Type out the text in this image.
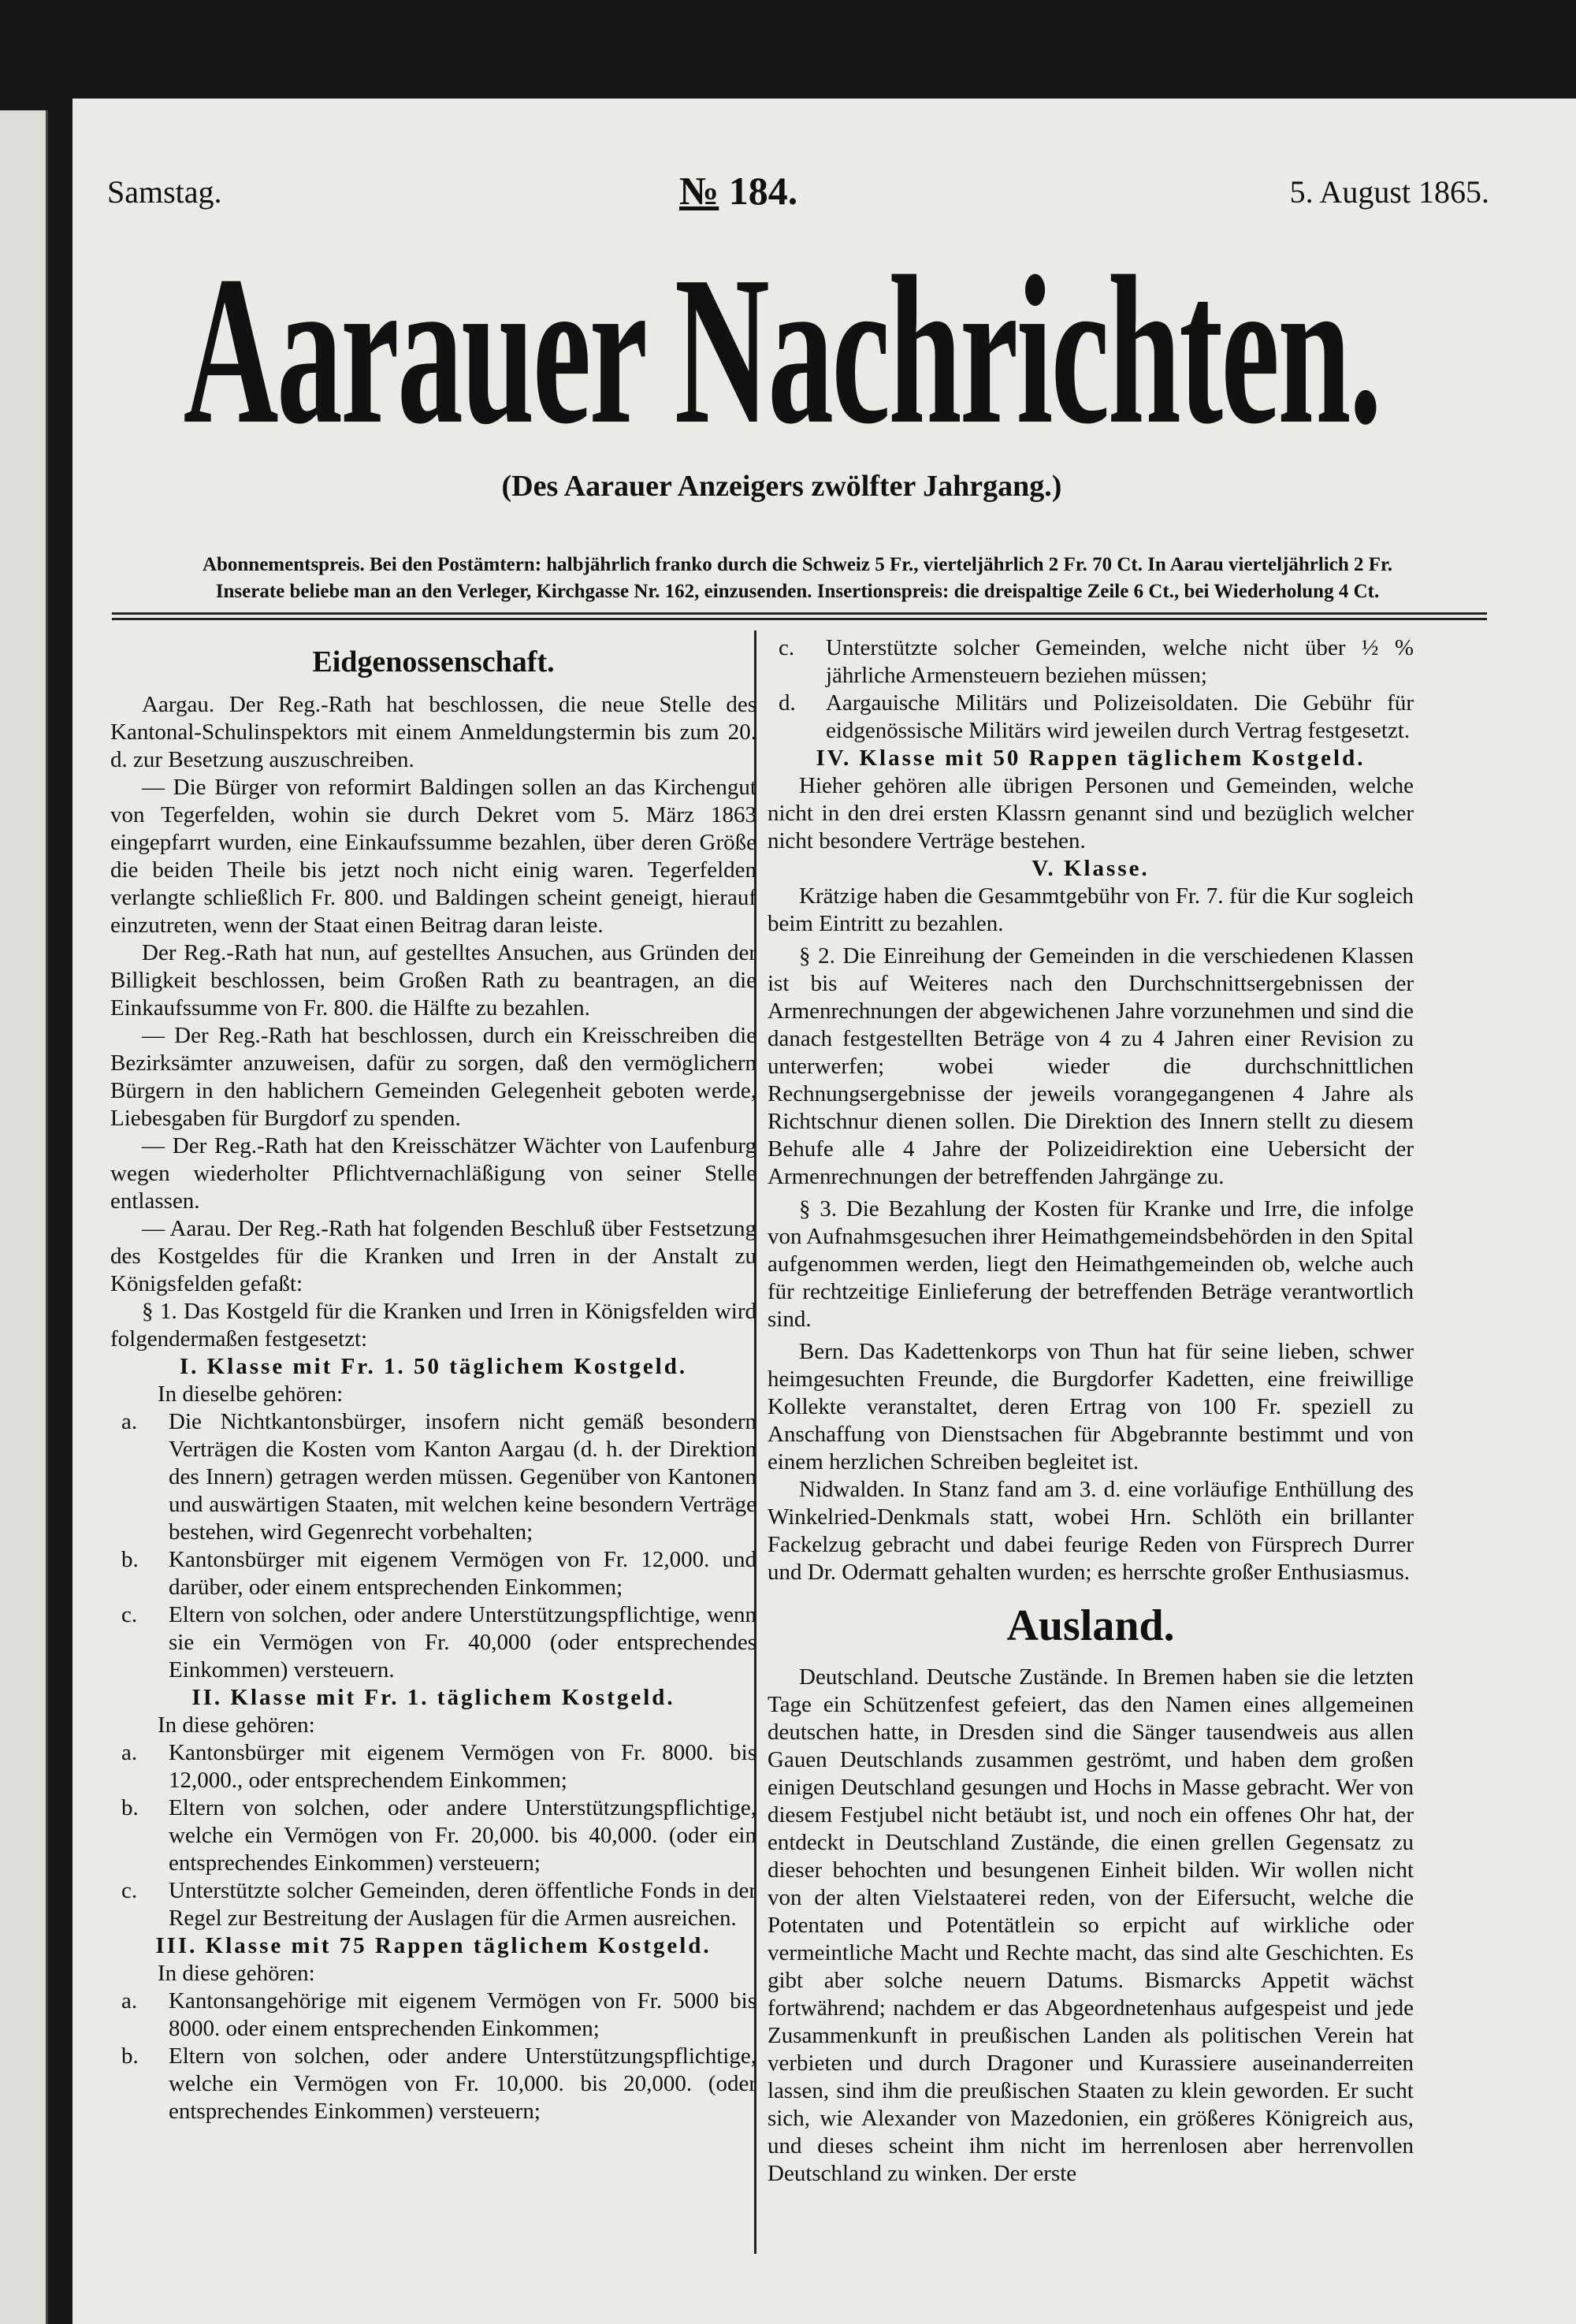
Samstag.	№ 184.	5. August 1865.
Aarauer Nachrichten.
(Des Aarauer Anzeigers zwölfter Jahrgang.)
Abonnementspreis. Bei den Postämtern: halbjährlich franko durch die Schweiz 5 Fr., vierteljährlich 2 Fr. 70 Ct. In Aarau vierteljährlich 2 Fr.
Inserate beliebe man an den Verleger, Kirchgasse Nr. 162, einzusenden. Insertionspreis: die dreispaltige Zeile 6 Ct., bei Wiederholung 4 Ct.
Eidgenossenschaft.

Aargau. Der Reg.-Rath hat beschlossen, die neue Stelle des Kantonal-Schulinspektors mit einem Anmeldungstermin bis zum 20. d. zur Besetzung auszuschreiben.

— Die Bürger von reformirt Baldingen sollen an das Kirchengut von Tegerfelden, wohin sie durch Dekret vom 5. März 1863 eingepfarrt wurden, eine Einkaufssumme bezahlen, über deren Größe die beiden Theile bis jetzt noch nicht einig waren. Tegerfelden verlangte schließlich Fr. 800. und Baldingen scheint geneigt, hierauf einzutreten, wenn der Staat einen Beitrag daran leiste.

Der Reg.-Rath hat nun, auf gestelltes Ansuchen, aus Gründen der Billigkeit beschlossen, beim Großen Rath zu beantragen, an die Einkaufssumme von Fr. 800. die Hälfte zu bezahlen.

— Der Reg.-Rath hat beschlossen, durch ein Kreisschreiben die Bezirksämter anzuweisen, dafür zu sorgen, daß den vermöglichern Bürgern in den hablichern Gemeinden Gelegenheit geboten werde, Liebesgaben für Burgdorf zu spenden.

— Der Reg.-Rath hat den Kreisschätzer Wächter von Laufenburg wegen wiederholter Pflichtvernachläßigung von seiner Stelle entlassen.

— Aarau. Der Reg.-Rath hat folgenden Beschluß über Festsetzung des Kostgeldes für die Kranken und Irren in der Anstalt zu Königsfelden gefaßt:

§ 1. Das Kostgeld für die Kranken und Irren in Königsfelden wird folgendermaßen festgesetzt:

I. Klasse mit Fr. 1. 50 täglichem Kostgeld.

In dieselbe gehören:

a.	Die Nichtkantonsbürger, insofern nicht gemäß besondern Verträgen die Kosten vom Kanton Aargau (d. h. der Direktion des Innern) getragen werden müssen. Gegenüber von Kantonen und auswärtigen Staaten, mit welchen keine besondern Verträge bestehen, wird Gegenrecht vorbehalten;
b.	Kantonsbürger mit eigenem Vermögen von Fr. 12,000. und darüber, oder einem entsprechenden Einkommen;
c.	Eltern von solchen, oder andere Unterstützungspflichtige, wenn sie ein Vermögen von Fr. 40,000 (oder entsprechendes Einkommen) versteuern.

II. Klasse mit Fr. 1. täglichem Kostgeld.

In diese gehören:

a.	Kantonsbürger mit eigenem Vermögen von Fr. 8000. bis 12,000., oder entsprechendem Einkommen;
b.	Eltern von solchen, oder andere Unterstützungspflichtige, welche ein Vermögen von Fr. 20,000. bis 40,000. (oder ein entsprechendes Einkommen) versteuern;
c.	Unterstützte solcher Gemeinden, deren öffentliche Fonds in der Regel zur Bestreitung der Auslagen für die Armen ausreichen.

III. Klasse mit 75 Rappen täglichem Kostgeld.

In diese gehören:

a.	Kantonsangehörige mit eigenem Vermögen von Fr. 5000 bis 8000. oder einem entsprechenden Einkommen;
b.	Eltern von solchen, oder andere Unterstützungspflichtige, welche ein Vermögen von Fr. 10,000. bis 20,000. (oder entsprechendes Einkommen) versteuern;
c.	Unterstützte solcher Gemeinden, welche nicht über ½ % jährliche Armensteuern beziehen müssen;
d.	Aargauische Militärs und Polizeisoldaten. Die Gebühr für eidgenössische Militärs wird jeweilen durch Vertrag festgesetzt.

IV. Klasse mit 50 Rappen täglichem Kostgeld.

Hieher gehören alle übrigen Personen und Gemeinden, welche nicht in den drei ersten Klassrn genannt sind und bezüglich welcher nicht besondere Verträge bestehen.

V. Klasse.

Krätzige haben die Gesammtgebühr von Fr. 7. für die Kur sogleich beim Eintritt zu bezahlen.

§ 2. Die Einreihung der Gemeinden in die verschiedenen Klassen ist bis auf Weiteres nach den Durchschnittsergebnissen der Armenrechnungen der abgewichenen Jahre vorzunehmen und sind die danach festgestellten Beträge von 4 zu 4 Jahren einer Revision zu unterwerfen; wobei wieder die durchschnittlichen Rechnungsergebnisse der jeweils vorangegangenen 4 Jahre als Richtschnur dienen sollen. Die Direktion des Innern stellt zu diesem Behufe alle 4 Jahre der Polizeidirektion eine Uebersicht der Armenrechnungen der betreffenden Jahrgänge zu.

§ 3. Die Bezahlung der Kosten für Kranke und Irre, die infolge von Aufnahmsgesuchen ihrer Heimathgemeindsbehörden in den Spital aufgenommen werden, liegt den Heimathgemeinden ob, welche auch für rechtzeitige Einlieferung der betreffenden Beträge verantwortlich sind.

Bern. Das Kadettenkorps von Thun hat für seine lieben, schwer heimgesuchten Freunde, die Burgdorfer Kadetten, eine freiwillige Kollekte veranstaltet, deren Ertrag von 100 Fr. speziell zu Anschaffung von Dienstsachen für Abgebrannte bestimmt und von einem herzlichen Schreiben begleitet ist.

Nidwalden. In Stanz fand am 3. d. eine vorläufige Enthüllung des Winkelried-Denkmals statt, wobei Hrn. Schlöth ein brillanter Fackelzug gebracht und dabei feurige Reden von Fürsprech Durrer und Dr. Odermatt gehalten wurden; es herrschte großer Enthusiasmus.

Ausland.

Deutschland. Deutsche Zustände. In Bremen haben sie die letzten Tage ein Schützenfest gefeiert, das den Namen eines allgemeinen deutschen hatte, in Dresden sind die Sänger tausendweis aus allen Gauen Deutschlands zusammen geströmt, und haben dem großen einigen Deutschland gesungen und Hochs in Masse gebracht. Wer von diesem Festjubel nicht betäubt ist, und noch ein offenes Ohr hat, der entdeckt in Deutschland Zustände, die einen grellen Gegensatz zu dieser behochten und besungenen Einheit bilden. Wir wollen nicht von der alten Vielstaaterei reden, von der Eifersucht, welche die Potentaten und Potentätlein so erpicht auf wirkliche oder vermeintliche Macht und Rechte macht, das sind alte Geschichten. Es gibt aber solche neuern Datums. Bismarcks Appetit wächst fortwährend; nachdem er das Abgeordnetenhaus aufgespeist und jede Zusammenkunft in preußischen Landen als politischen Verein hat verbieten und durch Dragoner und Kurassiere auseinanderreiten lassen, sind ihm die preußischen Staaten zu klein geworden. Er sucht sich, wie Alexander von Mazedonien, ein größeres Königreich aus, und dieses scheint ihm nicht im herrenlosen aber herrenvollen Deutschland zu winken. Der erste
